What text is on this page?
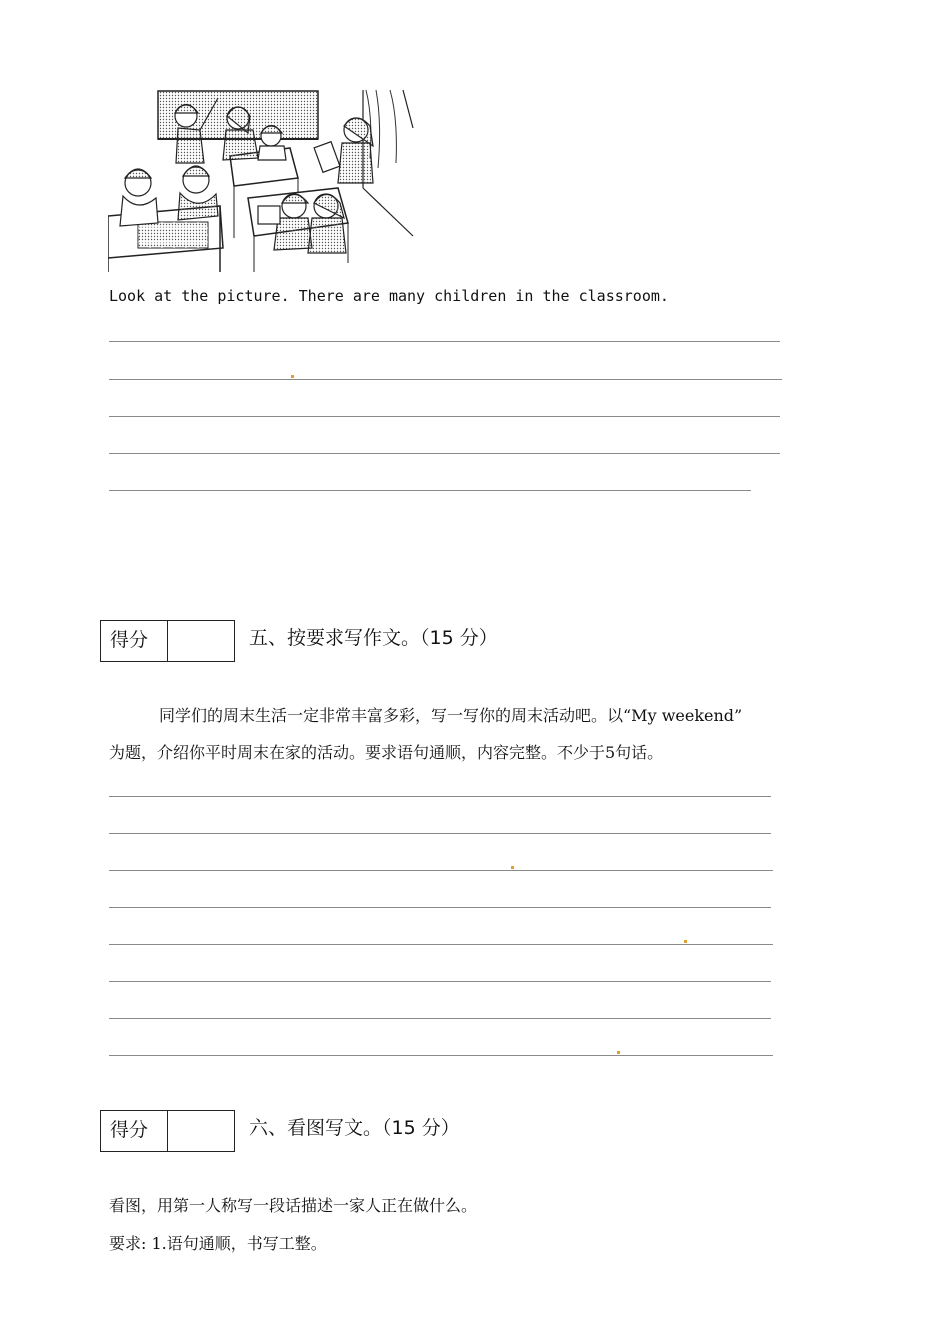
Look at the picture. There are many children in the classroom.
得分	五、按要求写作文。（15 分）
同学们的周末生活一定非常丰富多彩，写一写你的周末活动吧。以“My weekend”
为题，介绍你平时周末在家的活动。要求语句通顺，内容完整。不少于5句话。
得分	六、看图写文。（15 分）
看图，用第一人称写一段话描述一家人正在做什么。
要求: 1.语句通顺，书写工整。
